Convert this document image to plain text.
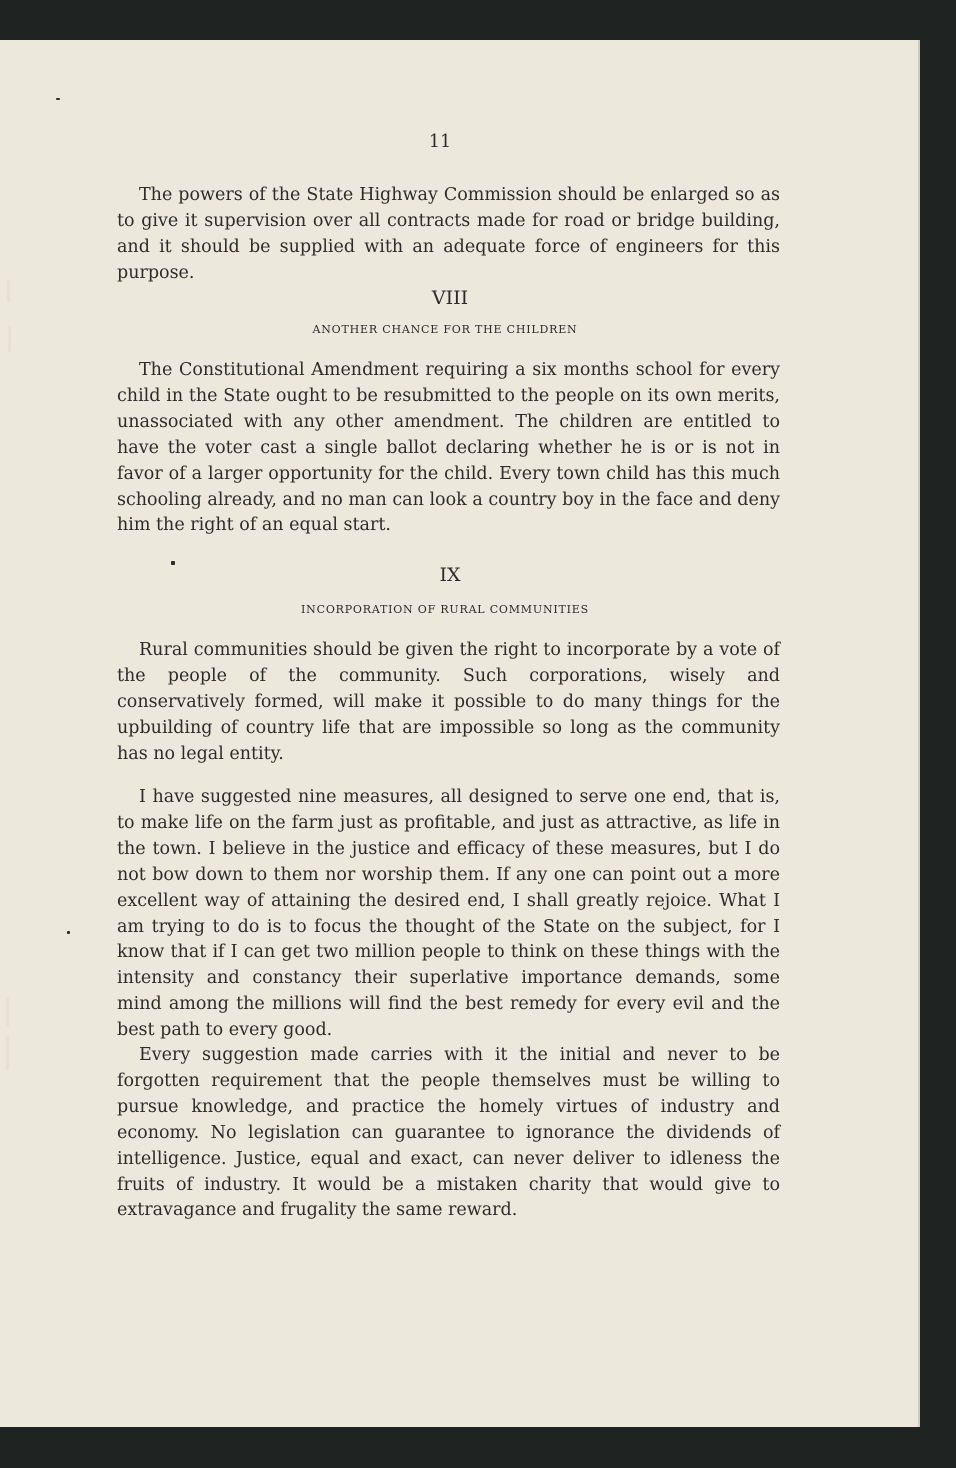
11

The powers of the State Highway Commission should be enlarged so as to give it supervision over all contracts made for road or bridge building, and it should be supplied with an adequate force of engineers for this purpose.

VIII
ANOTHER CHANCE FOR THE CHILDREN

The Constitutional Amendment requiring a six months school for every child in the State ought to be resubmitted to the people on its own merits, unassociated with any other amendment. The children are entitled to have the voter cast a single ballot declaring whether he is or is not in favor of a larger opportunity for the child. Every town child has this much schooling already, and no man can look a country boy in the face and deny him the right of an equal start.

IX
INCORPORATION OF RURAL COMMUNITIES

Rural communities should be given the right to incorporate by a vote of the people of the community. Such corporations, wisely and conservatively formed, will make it possible to do many things for the upbuilding of country life that are impossible so long as the community has no legal entity.

I have suggested nine measures, all designed to serve one end, that is, to make life on the farm just as profitable, and just as attractive, as life in the town. I believe in the justice and efficacy of these measures, but I do not bow down to them nor worship them. If any one can point out a more excellent way of attaining the desired end, I shall greatly rejoice. What I am trying to do is to focus the thought of the State on the subject, for I know that if I can get two million people to think on these things with the intensity and constancy their superlative importance demands, some mind among the millions will find the best remedy for every evil and the best path to every good.

Every suggestion made carries with it the initial and never to be forgotten requirement that the people themselves must be willing to pursue knowledge, and practice the homely virtues of industry and economy. No legislation can guarantee to ignorance the dividends of intelligence. Justice, equal and exact, can never deliver to idleness the fruits of industry. It would be a mistaken charity that would give to extravagance and frugality the same reward.
